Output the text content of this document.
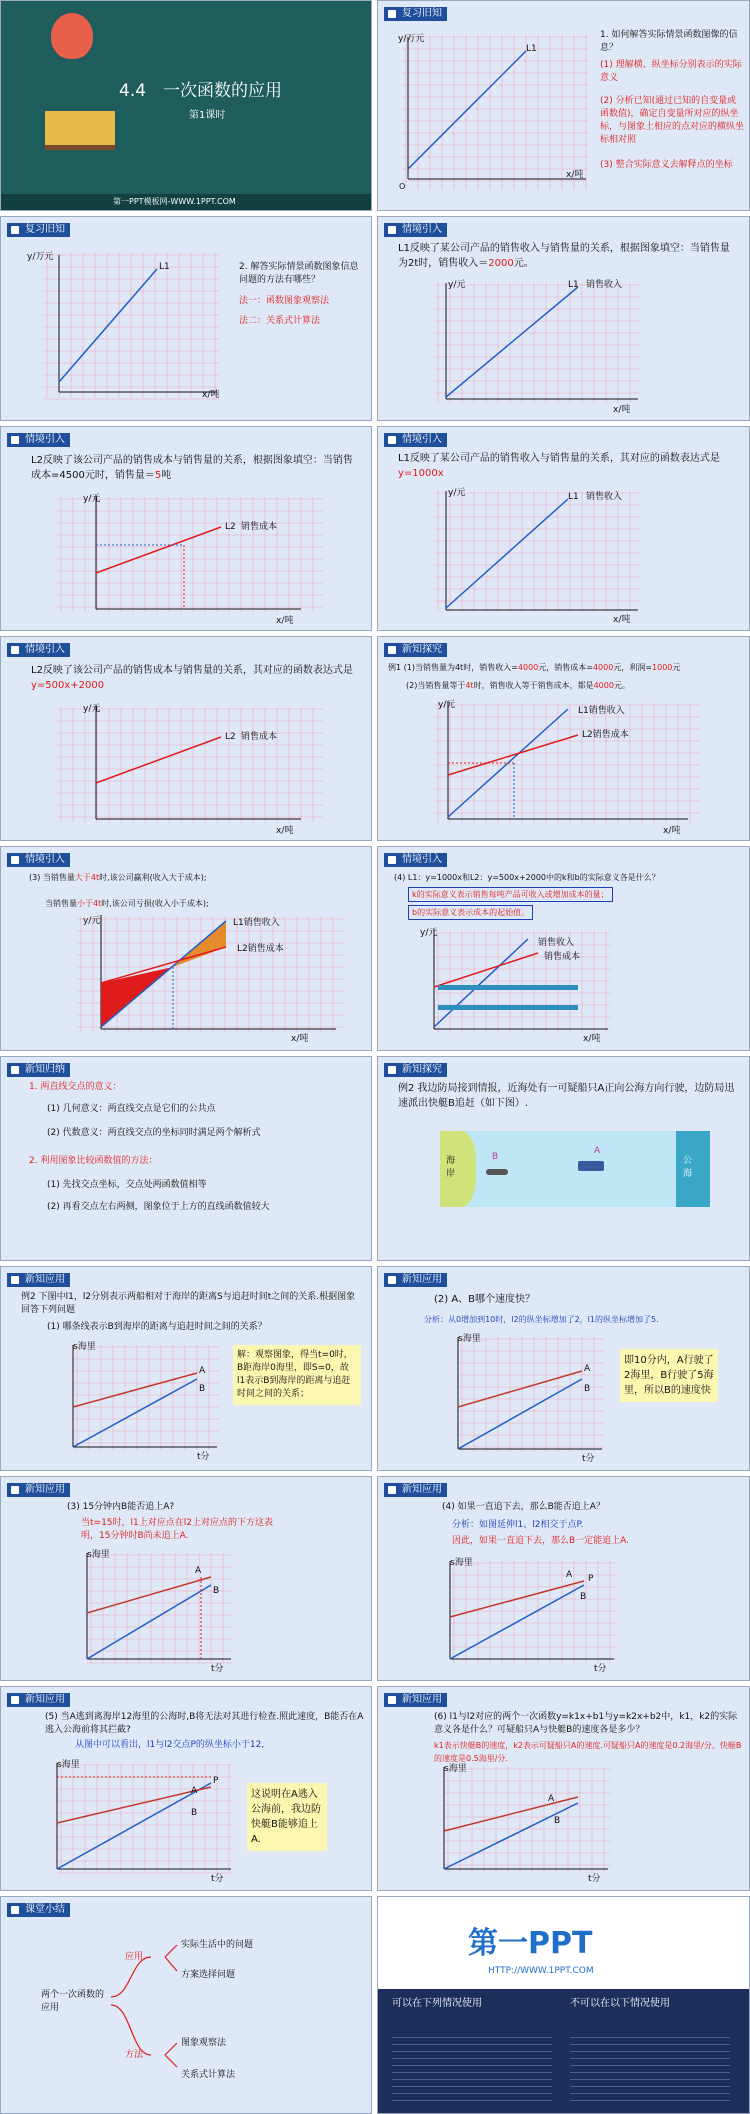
4.4　一次函数的应用
第1课时
第一PPT模板网-WWW.1PPT.COM
复习旧知
y/万元
x/吨
L1
O
1. 如何解答实际情景函数图像的信息？
(1) 理解横、纵坐标分别表示的实际意义
(2) 分析已知(通过已知的自变量或函数值)，确定自变量所对应的纵坐标，与图象上相应的点对应的横纵坐标相对照
(3) 整合实际意义去解释点的坐标
复习旧知
y/万元
x/吨
L1	2. 解答实际情景函数图象信息问题的方法有哪些？
法一：函数图象观察法
法二：关系式计算法
情境引入
L1反映了某公司产品的销售收入与销售量的关系，根据图象填空：当销售量为2t时，销售收入＝2000元。
y/元
x/吨
L1 销售收入
情境引入
L2反映了该公司产品的销售成本与销售量的关系，根据图象填空：当销售成本=4500元时，销售量＝5吨
y/元
x/吨
L2 销售成本
情境引入
L1反映了某公司产品的销售收入与销售量的关系，其对应的函数表达式是y=1000x
y/元
x/吨
L1 销售收入
情境引入
L2反映了该公司产品的销售成本与销售量的关系，其对应的函数表达式是y=500x+2000
y/元
x/吨
L2 销售成本
新知探究
例1 (1)当销售量为4t时，销售收入=4000元，销售成本=4000元，利润=1000元
(2)当销售量等于4t时，销售收入等于销售成本，都是4000元。
y/元
x/吨
L1销售收入
L2销售成本
情境引入
(3) 当销售量大于4t时,该公司赢利(收入大于成本);
当销售量小于4t时,该公司亏损(收入小于成本);
y/元
x/吨
L1销售收入
L2销售成本
情境引入
(4) L1：y=1000x和L2：y=500x+2000中的k和b的实际意义各是什么？
k的实际意义表示销售每吨产品可收入或增加成本的量；
b的实际意义表示成本的起始值。
y/元
x/吨
销售收入
销售成本
新知归纳
1. 两直线交点的意义：
(1) 几何意义：两直线交点是它们的公共点
(2) 代数意义：两直线交点的坐标同时满足两个解析式
2. 利用图象比较函数值的方法：
(1) 先找交点坐标，交点处两函数值相等
(2) 再看交点左右两侧，图象位于上方的直线函数值较大
新知探究
例2 我边防局接到情报，近海处有一可疑船只A正向公海方向行驶，边防局迅速派出快艇B追赶（如下图）.
海岸
公海
B
A
新知应用
例2 下图中l1，l2分别表示两船相对于海岸的距离S与追赶时间t之间的关系.根据图象回答下列问题
(1) 哪条线表示B到海岸的距离与追赶时间之间的关系？
s海里
t分
A
B
解：观察图象，得当t=0时，B距海岸0海里，即S=0，故l1表示B到海岸的距离与追赶时间之间的关系；
新知应用
(2) A、B哪个速度快？
分析：从0增加到10时，l2的纵坐标增加了2，l1的纵坐标增加了5.
s海里
t分
A
B
即10分内，A行驶了2海里，B行驶了5海里，所以B的速度快
新知应用
(3) 15分钟内B能否追上A?
当t=15时，l1上对应点在l2上对应点的下方这表明，15分钟时B尚未追上A.
s海里
t分
A
B
新知应用
(4) 如果一直追下去，那么B能否追上A？
分析：如图延伸l1、l2相交于点P.
因此，如果一直追下去，那么B一定能追上A.
s海里
t分
A
B
P
新知应用
(5) 当A逃到离海岸12海里的公海时,B将无法对其进行检查.照此速度，B能否在A逃入公海前将其拦截?
从图中可以看出，l1与l2交点P的纵坐标小于12,
s海里
t分
A
B
P
这说明在A逃入公海前，我边防快艇B能够追上A.
新知应用
(6) l1与l2对应的两个一次函数y=k1x+b1与y=k2x+b2中，k1，k2的实际意义各是什么？可疑船只A与快艇B的速度各是多少？
k1表示快艇B的速度，k2表示可疑船只A的速度.可疑船只A的速度是0.2海里/分，快艇B的速度是0.5海里/分.
s海里
t分
A
B
课堂小结
两个一次函数的应用
应用
方法
实际生活中的问题
方案选择问题
图象观察法
关系式计算法
第一PPT
HTTP://WWW.1PPT.COM
可以在下列情况使用	不可以在以下情况使用
